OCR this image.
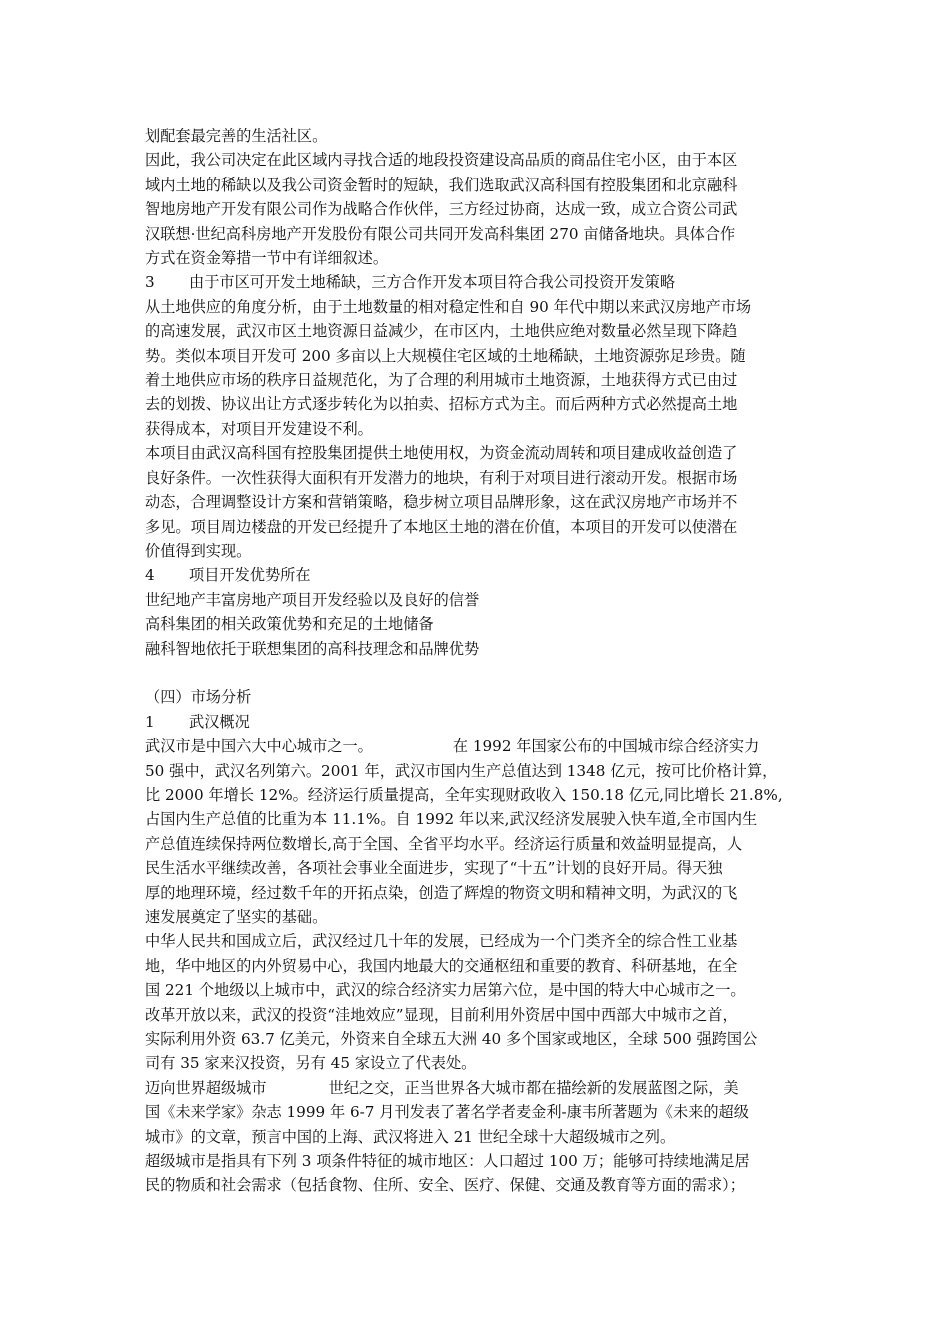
划配套最完善的生活社区。
因此，我公司决定在此区域内寻找合适的地段投资建设高品质的商品住宅小区，由于本区
域内土地的稀缺以及我公司资金暂时的短缺，我们选取武汉高科国有控股集团和北京融科
智地房地产开发有限公司作为战略合作伙伴，三方经过协商，达成一致，成立合资公司武
汉联想·世纪高科房地产开发股份有限公司共同开发高科集团 270 亩储备地块。具体合作
方式在资金筹措一节中有详细叙述。
3 由于市区可开发土地稀缺，三方合作开发本项目符合我公司投资开发策略
从土地供应的角度分析，由于土地数量的相对稳定性和自 90 年代中期以来武汉房地产市场
的高速发展，武汉市区土地资源日益减少，在市区内，土地供应绝对数量必然呈现下降趋
势。类似本项目开发可 200 多亩以上大规模住宅区域的土地稀缺，土地资源弥足珍贵。随
着土地供应市场的秩序日益规范化，为了合理的利用城市土地资源，土地获得方式已由过
去的划拨、协议出让方式逐步转化为以拍卖、招标方式为主。而后两种方式必然提高土地
获得成本，对项目开发建设不利。
本项目由武汉高科国有控股集团提供土地使用权，为资金流动周转和项目建成收益创造了
良好条件。一次性获得大面积有开发潜力的地块，有利于对项目进行滚动开发。根据市场
动态，合理调整设计方案和营销策略，稳步树立项目品牌形象，这在武汉房地产市场并不
多见。项目周边楼盘的开发已经提升了本地区土地的潜在价值，本项目的开发可以使潜在
价值得到实现。
4 项目开发优势所在
世纪地产丰富房地产项目开发经验以及良好的信誉
高科集团的相关政策优势和充足的土地储备
融科智地依托于联想集团的高科技理念和品牌优势
（四）市场分析
1 武汉概况
武汉市是中国六大中心城市之一。	在 1992 年国家公布的中国城市综合经济实力
50 强中，武汉名列第六。2001 年，武汉市国内生产总值达到 1348 亿元，按可比价格计算，
比 2000 年增长 12%。经济运行质量提高，全年实现财政收入 150.18 亿元,同比增长 21.8%,
占国内生产总值的比重为本 11.1%。自 1992 年以来,武汉经济发展驶入快车道,全市国内生
产总值连续保持两位数增长,高于全国、全省平均水平。经济运行质量和效益明显提高，人
民生活水平继续改善，各项社会事业全面进步，实现了“十五”计划的良好开局。得天独
厚的地理环境，经过数千年的开拓点染，创造了辉煌的物资文明和精神文明，为武汉的飞
速发展奠定了坚实的基础。
中华人民共和国成立后，武汉经过几十年的发展，已经成为一个门类齐全的综合性工业基
地，华中地区的内外贸易中心，我国内地最大的交通枢纽和重要的教育、科研基地，在全
国 221 个地级以上城市中，武汉的综合经济实力居第六位，是中国的特大中心城市之一。
改革开放以来，武汉的投资“洼地效应”显现，目前利用外资居中国中西部大中城市之首，
实际利用外资 63.7 亿美元，外资来自全球五大洲 40 多个国家或地区，全球 500 强跨国公
司有 35 家来汉投资，另有 45 家设立了代表处。
迈向世界超级城市	世纪之交，正当世界各大城市都在描绘新的发展蓝图之际，美
国《未来学家》杂志 1999 年 6-7 月刊发表了著名学者麦金利-康韦所著题为《未来的超级
城市》的文章，预言中国的上海、武汉将进入 21 世纪全球十大超级城市之列。
超级城市是指具有下列 3 项条件特征的城市地区：人口超过 100 万；能够可持续地满足居
民的物质和社会需求（包括食物、住所、安全、医疗、保健、交通及教育等方面的需求）；
